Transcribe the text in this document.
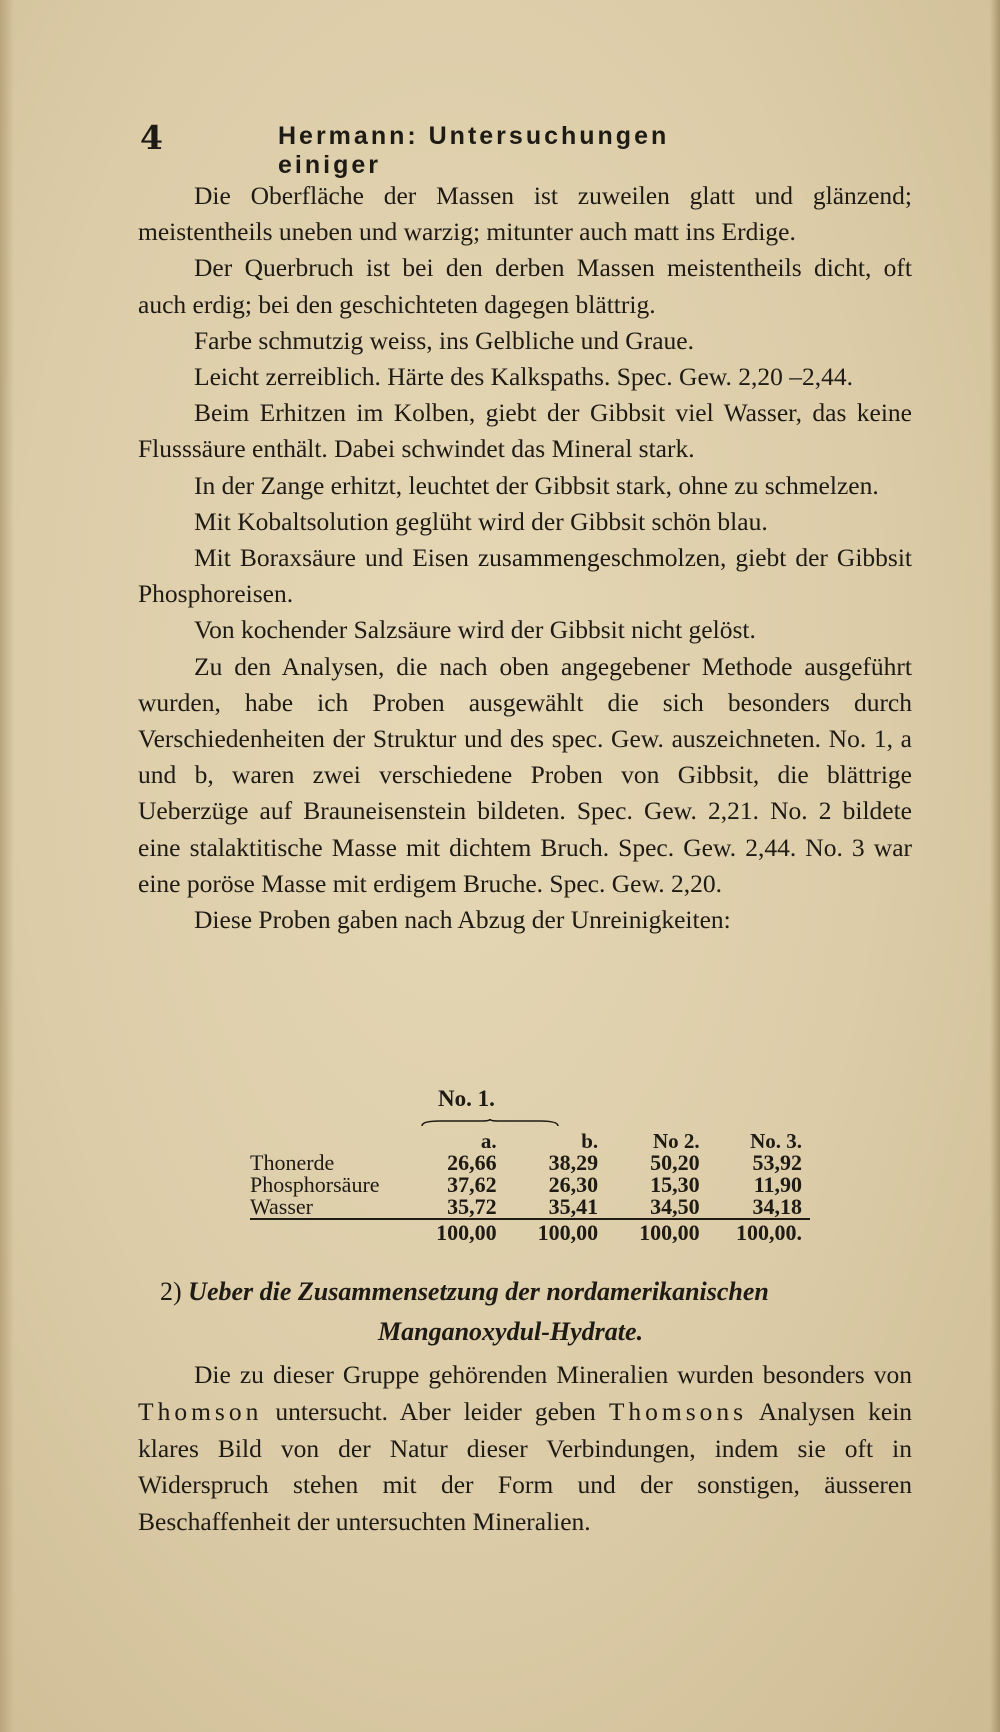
4	Hermann: Untersuchungen einiger

Die Oberfläche der Massen ist zuweilen glatt und glänzend; meistentheils uneben und warzig; mitunter auch matt ins Erdige.

Der Querbruch ist bei den derben Massen meistentheils dicht, oft auch erdig; bei den geschichteten dagegen blättrig.

Farbe schmutzig weiss, ins Gelbliche und Graue.

Leicht zerreiblich. Härte des Kalkspaths. Spec. Gew. 2,20 –2,44.

Beim Erhitzen im Kolben, giebt der Gibbsit viel Wasser, das keine Flusssäure enthält. Dabei schwindet das Mineral stark.

In der Zange erhitzt, leuchtet der Gibbsit stark, ohne zu schmelzen.

Mit Kobaltsolution geglüht wird der Gibbsit schön blau.

Mit Boraxsäure und Eisen zusammengeschmolzen, giebt der Gibbsit Phosphoreisen.

Von kochender Salzsäure wird der Gibbsit nicht gelöst.

Zu den Analysen, die nach oben angegebener Methode ausgeführt wurden, habe ich Proben ausgewählt die sich besonders durch Verschiedenheiten der Struktur und des spec. Gew. auszeichneten. No. 1, a und b, waren zwei verschiedene Proben von Gibbsit, die blättrige Ueberzüge auf Brauneisenstein bildeten. Spec. Gew. 2,21. No. 2 bildete eine stalaktitische Masse mit dichtem Bruch. Spec. Gew. 2,44. No. 3 war eine poröse Masse mit erdigem Bruche. Spec. Gew. 2,20.

Diese Proben gaben nach Abzug der Unreinigkeiten:

No. 1.
	a.	b.	No 2.	No. 3.
Thonerde	26,66	38,29	50,20	53,92
Phosphorsäure	37,62	26,30	15,30	11,90
Wasser	35,72	35,41	34,50	34,18
	100,00	100,00	100,00	100,00.
2) Ueber die Zusammensetzung der nordamerikanischen
Manganoxydul-Hydrate.

Die zu dieser Gruppe gehörenden Mineralien wurden besonders von Thomson untersucht. Aber leider geben Thomsons Analysen kein klares Bild von der Natur dieser Verbindungen, indem sie oft in Widerspruch stehen mit der Form und der sonstigen, äusseren Beschaffenheit der untersuchten Mineralien.
